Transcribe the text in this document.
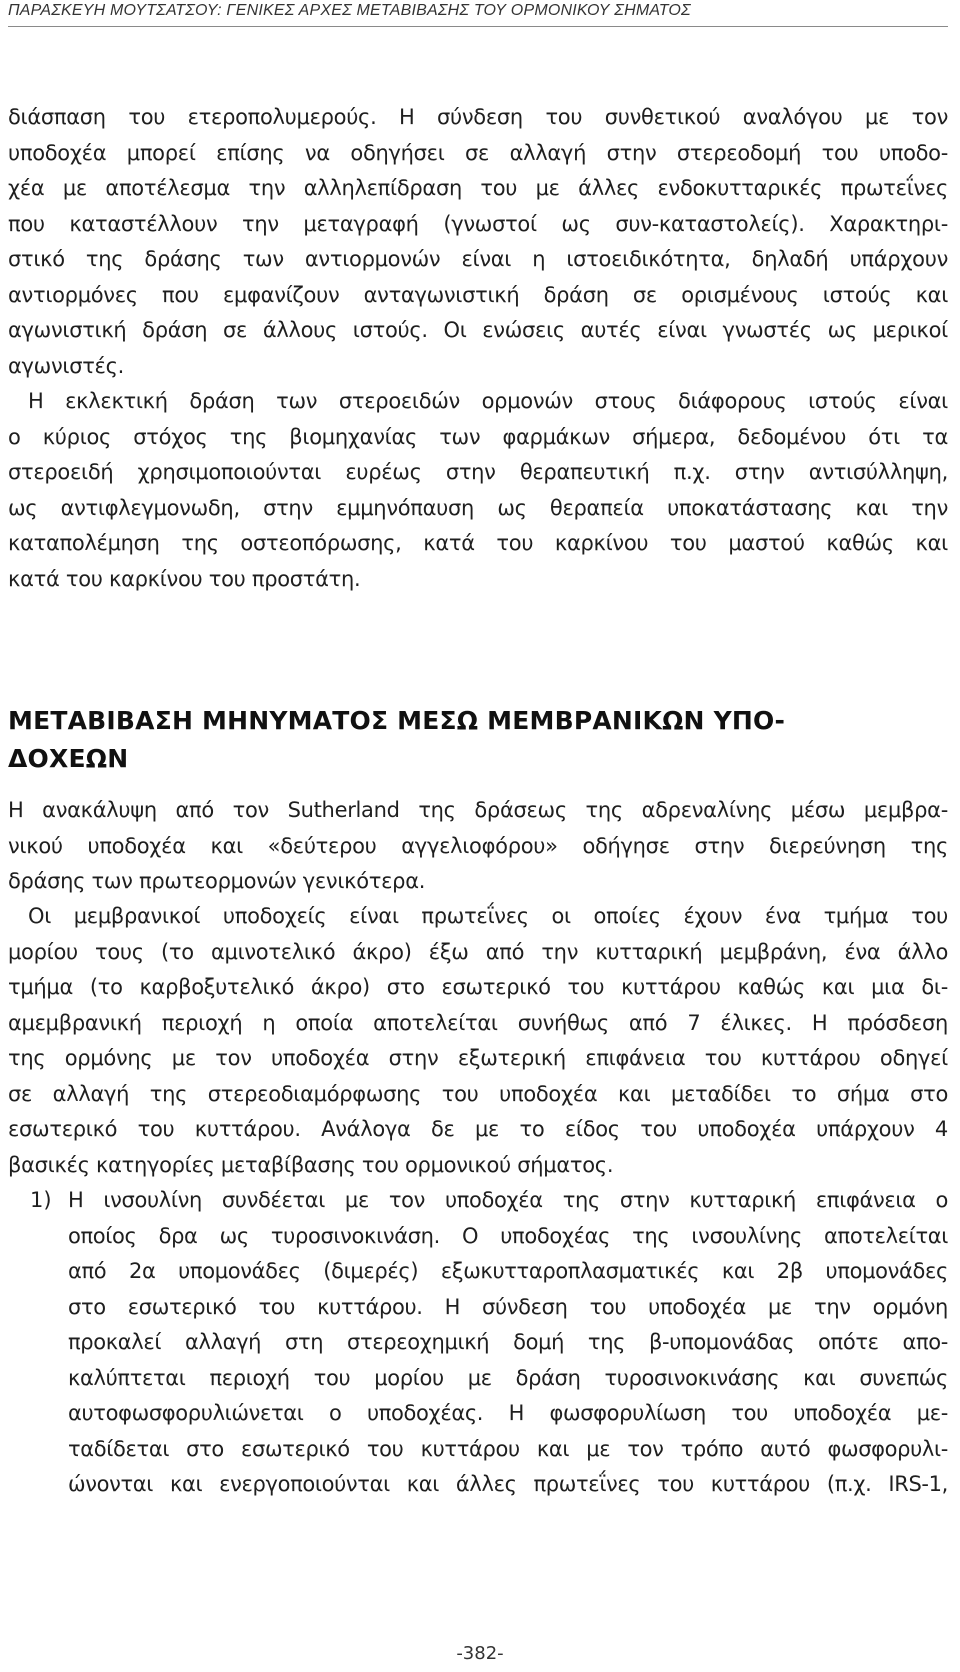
ΠΑΡΑΣΚΕΥΗ ΜΟΥΤΣΑΤΣΟΥ: ΓΕΝΙΚΕΣ ΑΡΧΕΣ ΜΕΤΑΒΙΒΑΣΗΣ ΤΟΥ ΟΡΜΟΝΙΚΟΥ ΣΗΜΑΤΟΣ
διάσπαση του ετεροπολυμερούς. Η σύνδεση του συνθετικού αναλόγου με τον
υποδοχέα μπορεί επίσης να οδηγήσει σε αλλαγή στην στερεοδομή του υποδο-
χέα με αποτέλεσμα την αλληλεπίδραση του με άλλες ενδοκυτταρικές πρωτεΐνες
που καταστέλλουν την μεταγραφή (γνωστοί ως συν-καταστολείς). Χαρακτηρι-
στικό της δράσης των αντιορμονών είναι η ιστοειδικότητα, δηλαδή υπάρχουν
αντιορμόνες που εμφανίζουν ανταγωνιστική δράση σε ορισμένους ιστούς και
αγωνιστική δράση σε άλλους ιστούς. Οι ενώσεις αυτές είναι γνωστές ως μερικοί
αγωνιστές.
Η εκλεκτική δράση των στεροειδών ορμονών στους διάφορους ιστούς είναι
ο κύριος στόχος της βιομηχανίας των φαρμάκων σήμερα, δεδομένου ότι τα
στεροειδή χρησιμοποιούνται ευρέως στην θεραπευτική π.χ. στην αντισύλληψη,
ως αντιφλεγμονωδη, στην εμμηνόπαυση ως θεραπεία υποκατάστασης και την
καταπολέμηση της οστεοπόρωσης, κατά του καρκίνου του μαστού καθώς και
κατά του καρκίνου του προστάτη.
ΜΕΤΑΒΙΒΑΣΗ ΜΗΝΥΜΑΤΟΣ ΜΕΣΩ ΜΕΜΒΡΑΝΙΚΩΝ ΥΠΟ-
ΔΟΧΕΩΝ
Η ανακάλυψη από τον Sutherland της δράσεως της αδρεναλίνης μέσω μεμβρα-
νικού υποδοχέα και «δεύτερου αγγελιοφόρου» οδήγησε στην διερεύνηση της
δράσης των πρωτεορμονών γενικότερα.
Οι μεμβρανικοί υποδοχείς είναι πρωτεΐνες οι οποίες έχουν ένα τμήμα του
μορίου τους (το αμινοτελικό άκρο) έξω από την κυτταρική μεμβράνη, ένα άλλο
τμήμα (το καρβοξυτελικό άκρο) στο εσωτερικό του κυττάρου καθώς και μια δι-
αμεμβρανική περιοχή η οποία αποτελείται συνήθως από 7 έλικες. Η πρόσδεση
της ορμόνης με τον υποδοχέα στην εξωτερική επιφάνεια του κυττάρου οδηγεί
σε αλλαγή της στερεοδιαμόρφωσης του υποδοχέα και μεταδίδει το σήμα στο
εσωτερικό του κυττάρου. Ανάλογα δε με το είδος του υποδοχέα υπάρχουν 4
βασικές κατηγορίες μεταβίβασης του ορμονικού σήματος.
1) Η ινσουλίνη συνδέεται με τον υποδοχέα της στην κυτταρική επιφάνεια ο
οποίος δρα ως τυροσινοκινάση. Ο υποδοχέας της ινσουλίνης αποτελείται
από 2α υπομονάδες (διμερές) εξωκυτταροπλασματικές και 2β υπομονάδες
στο εσωτερικό του κυττάρου. Η σύνδεση του υποδοχέα με την ορμόνη
προκαλεί αλλαγή στη στερεοχημική δομή της β-υπομονάδας οπότε απο-
καλύπτεται περιοχή του μορίου με δράση τυροσινοκινάσης και συνεπώς
αυτοφωσφορυλιώνεται ο υποδοχέας. Η φωσφορυλίωση του υποδοχέα με-
ταδίδεται στο εσωτερικό του κυττάρου και με τον τρόπο αυτό φωσφορυλι-
ώνονται και ενεργοποιούνται και άλλες πρωτεΐνες του κυττάρου (π.χ. IRS-1,
-382-
